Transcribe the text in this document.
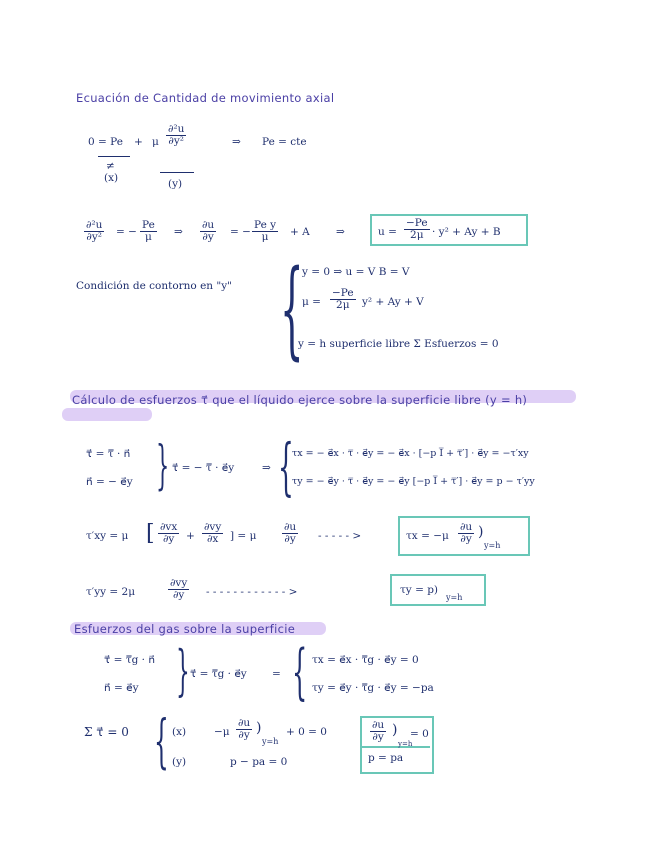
Ecuación de Cantidad de movimiento axial
0 = Pe + μ $\frac{\text{∂²u}}{\text{∂y²}}$	⇒ Pe = cte
≠
(x)	(y)
$\frac{\text{∂²u}}{\text{∂y²}}$ = − $\frac{Pe}{\mu}$ ⇒ $\frac{\partial u}{\partial y}$ = − $\frac{\text{Pe y}}{\mu} + A$	⇒	$u = \frac{-Pe}{2\mu} \cdot y^2 + Ay + B$
Condición de contorno en "y" {
y = 0 ⇒ u = V B = V
$\mu = \frac{-Pe}{2\mu} y^2 + Ay + V$
y = h superficie libre Σ Esfuerzos = 0
Cálculo de esfuerzos τ⃗ que el líquido ejerce sobre la superficie libre (y = h)
τ⃗ = τ̿ · n⃗
n⃗ = − e⃗y } τ⃗ = − τ̿ · e⃗y	⇒ {
τx = − e⃗x · τ̿ · e⃗y = − e⃗x · [−p I̿ + τ̿′] · e⃗y = −τ′xy
τy = − e⃗y · τ̿ · e⃗y = − e⃗y [−p I̿ + τ̿′] · e⃗y = p − τ′yy
τ′xy = μ [ $\frac{\partial vx}{\partial y} + \frac{\partial vy}{\partial x}$ ] = μ $\frac{\partial u}{\partial y}$ - - - - - >	$\tau x = -\mu \frac{\partial u}{\partial y}$ )
y=h
τ′yy = 2μ	$\frac{\partial vy}{\partial y}$ - - - - - - - - - - - - >	τy = p)
y=h
Esfuerzos del gas sobre la superficie
τ⃗ = τ̿g · n⃗
n⃗ = e⃗y } τ⃗ = τ̿g · e⃗y = { τx = e⃗x · τ̿g · e⃗y = 0
τy = e⃗y · τ̿g · e⃗y = −pa
Σ τ⃗ = 0 { (x)	$-\mu \frac{\partial u}{\partial y}$ )
y=h
+ 0 = 0
(y)	p − pa = 0
$\frac{\partial u}{\partial y}$ )
y=h
= 0
p = pa
